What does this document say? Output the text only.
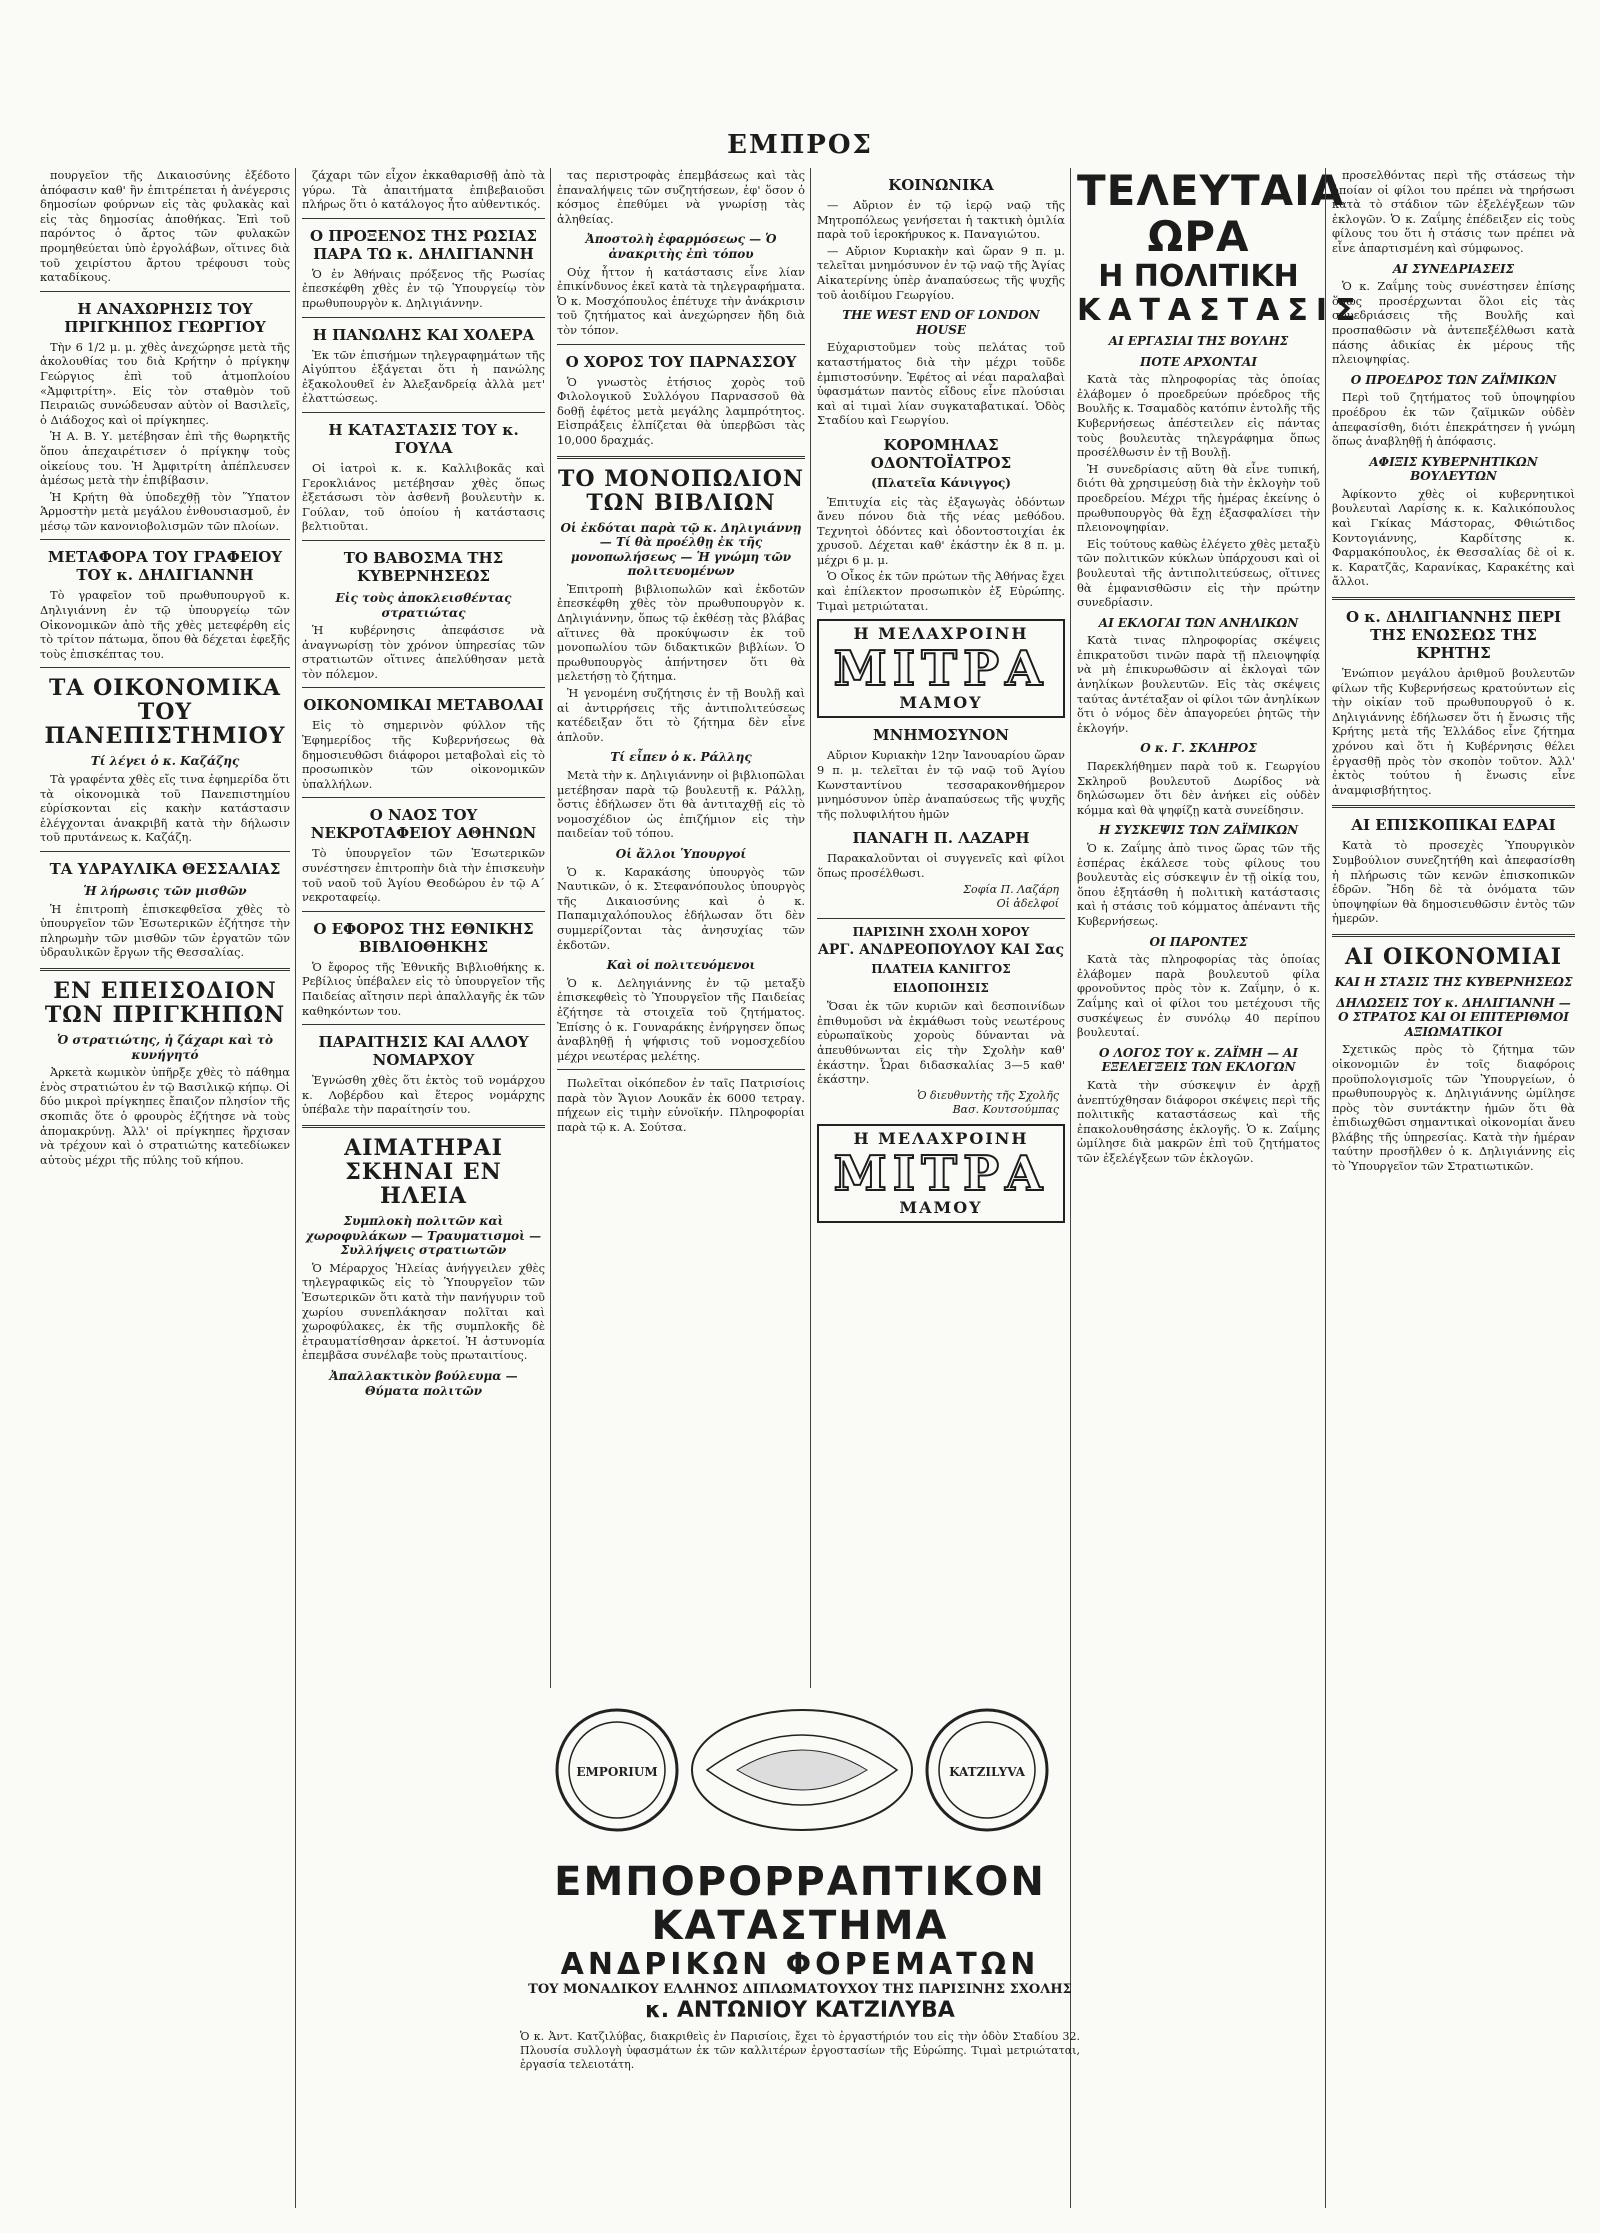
ΕΜΠΡΟΣ

πουργεῖον τῆς Δικαιοσύνης ἐξέδοτο ἀπόφασιν καθ' ἣν ἐπιτρέπεται ἡ ἀνέγερσις δημοσίων φούρνων εἰς τὰς φυλακὰς καὶ εἰς τὰς δημοσίας ἀποθήκας. Ἐπὶ τοῦ παρόντος ὁ ἄρτος τῶν φυλακῶν προμηθεύεται ὑπὸ ἐργολάβων, οἵτινες διὰ τοῦ χειρίστου ἄρτου τρέφουσι τοὺς καταδίκους.

Η ΑΝΑΧΩΡΗΣΙΣ ΤΟΥ ΠΡΙΓΚΗΠΟΣ ΓΕΩΡΓΙΟΥ

Τὴν 6 1/2 μ. μ. χθὲς ἀνεχώρησε μετὰ τῆς ἀκολουθίας του διὰ Κρήτην ὁ πρίγκηψ Γεώργιος ἐπὶ τοῦ ἀτμοπλοίου «Ἀμφιτρίτη». Εἰς τὸν σταθμὸν τοῦ Πειραιῶς συνώδευσαν αὐτὸν οἱ Βασιλεῖς, ὁ Διάδοχος καὶ οἱ πρίγκηπες.

Ἡ Α. Β. Υ. μετέβησαν ἐπὶ τῆς θωρηκτῆς ὅπου ἀπεχαιρέτισεν ὁ πρίγκηψ τοὺς οἰκείους του. Ἡ Ἀμφιτρίτη ἀπέπλευσεν ἀμέσως μετὰ τὴν ἐπιβίβασιν.

Ἡ Κρήτη θὰ ὑποδεχθῇ τὸν Ὕπατον Ἁρμοστὴν μετὰ μεγάλου ἐνθουσιασμοῦ, ἐν μέσῳ τῶν κανονιοβολισμῶν τῶν πλοίων.

ΜΕΤΑΦΟΡΑ ΤΟΥ ΓΡΑΦΕΙΟΥ ΤΟΥ κ. ΔΗΛΙΓΙΑΝΝΗ

Τὸ γραφεῖον τοῦ πρωθυπουργοῦ κ. Δηλιγιάννη ἐν τῷ ὑπουργείῳ τῶν Οἰκονομικῶν ἀπὸ τῆς χθὲς μετεφέρθη εἰς τὸ τρίτον πάτωμα, ὅπου θὰ δέχεται ἐφεξῆς τοὺς ἐπισκέπτας του.

ΤΑ ΟΙΚΟΝΟΜΙΚΑ ΤΟΥ ΠΑΝΕΠΙΣΤΗΜΙΟΥ
Τί λέγει ὁ κ. Καζάζης

Τὰ γραφέντα χθὲς εἴς τινα ἐφημερίδα ὅτι τὰ οἰκονομικὰ τοῦ Πανεπιστημίου εὑρίσκονται εἰς κακὴν κατάστασιν ἐλέγχονται ἀνακριβῆ κατὰ τὴν δήλωσιν τοῦ πρυτάνεως κ. Καζάζη.

ΤΑ ΥΔΡΑΥΛΙΚΑ ΘΕΣΣΑΛΙΑΣ
Ἡ λήρωσις τῶν μισθῶν

Ἡ ἐπιτροπὴ ἐπισκεφθεῖσα χθὲς τὸ ὑπουργεῖον τῶν Ἐσωτερικῶν ἐζήτησε τὴν πληρωμὴν τῶν μισθῶν τῶν ἐργατῶν τῶν ὑδραυλικῶν ἔργων τῆς Θεσσαλίας.

ΕΝ ΕΠΕΙΣΟΔΙΟΝ ΤΩΝ ΠΡΙΓΚΗΠΩΝ
Ὁ στρατιώτης, ἡ ζάχαρι καὶ τὸ κυνήγητό

Ἀρκετὰ κωμικὸν ὑπῆρξε χθὲς τὸ πάθημα ἑνὸς στρατιώτου ἐν τῷ Βασιλικῷ κήπῳ. Οἱ δύο μικροὶ πρίγκηπες ἔπαιζον πλησίον τῆς σκοπιᾶς ὅτε ὁ φρουρὸς ἐζήτησε νὰ τοὺς ἀπομακρύνῃ. Ἀλλ' οἱ πρίγκηπες ἤρχισαν νὰ τρέχουν καὶ ὁ στρατιώτης κατεδίωκεν αὐτοὺς μέχρι τῆς πύλης τοῦ κήπου.

ζάχαρι τῶν εἶχον ἐκκαθαρισθῇ ἀπὸ τὰ γύρω. Τὰ ἀπαιτήματα ἐπιβεβαιοῦσι πλήρως ὅτι ὁ κατάλογος ἦτο αὐθεντικός.

Ο ΠΡΟΞΕΝΟΣ ΤΗΣ ΡΩΣΙΑΣ ΠΑΡΑ ΤΩ κ. ΔΗΛΙΓΙΑΝΝΗ

Ὁ ἐν Ἀθήναις πρόξενος τῆς Ρωσίας ἐπεσκέφθη χθὲς ἐν τῷ Ὑπουργείῳ τὸν πρωθυπουργὸν κ. Δηλιγιάννην.

Η ΠΑΝΩΛΗΣ ΚΑΙ ΧΟΛΕΡΑ

Ἐκ τῶν ἐπισήμων τηλεγραφημάτων τῆς Αἰγύπτου ἐξάγεται ὅτι ἡ πανώλης ἐξακολουθεῖ ἐν Ἀλεξανδρείᾳ ἀλλὰ μετ' ἐλαττώσεως.

Η ΚΑΤΑΣΤΑΣΙΣ ΤΟΥ κ. ΓΟΥΛΑ

Οἱ ἰατροὶ κ. κ. Καλλιβοκᾶς καὶ Γεροκλιάνος μετέβησαν χθὲς ὅπως ἐξετάσωσι τὸν ἀσθενῆ βουλευτὴν κ. Γούλαν, τοῦ ὁποίου ἡ κατάστασις βελτιοῦται.

ΤΟ ΒΑΒΟΣΜΑ ΤΗΣ ΚΥΒΕΡΝΗΣΕΩΣ
Εἰς τοὺς ἀποκλεισθέντας στρατιώτας

Ἡ κυβέρνησις ἀπεφάσισε νὰ ἀναγνωρίσῃ τὸν χρόνον ὑπηρεσίας τῶν στρατιωτῶν οἵτινες ἀπελύθησαν μετὰ τὸν πόλεμον.

ΟΙΚΟΝΟΜΙΚΑΙ ΜΕΤΑΒΟΛΑΙ

Εἰς τὸ σημερινὸν φύλλον τῆς Ἐφημερίδος τῆς Κυβερνήσεως θὰ δημοσιευθῶσι διάφοροι μεταβολαὶ εἰς τὸ προσωπικὸν τῶν οἰκονομικῶν ὑπαλλήλων.

Ο ΝΑΟΣ ΤΟΥ ΝΕΚΡΟΤΑΦΕΙΟΥ ΑΘΗΝΩΝ

Τὸ ὑπουργεῖον τῶν Ἐσωτερικῶν συνέστησεν ἐπιτροπὴν διὰ τὴν ἐπισκευὴν τοῦ ναοῦ τοῦ Ἁγίου Θεοδώρου ἐν τῷ Α΄ νεκροταφείῳ.

Ο ΕΦΟΡΟΣ ΤΗΣ ΕΘΝΙΚΗΣ ΒΙΒΛΙΟΘΗΚΗΣ

Ὁ ἔφορος τῆς Ἐθνικῆς Βιβλιοθήκης κ. Ρεβίλιος ὑπέβαλεν εἰς τὸ ὑπουργεῖον τῆς Παιδείας αἴτησιν περὶ ἀπαλλαγῆς ἐκ τῶν καθηκόντων του.

ΠΑΡΑΙΤΗΣΙΣ ΚΑΙ ΑΛΛΟΥ ΝΟΜΑΡΧΟΥ

Ἐγνώσθη χθὲς ὅτι ἐκτὸς τοῦ νομάρχου κ. Λοβέρδου καὶ ἕτερος νομάρχης ὑπέβαλε τὴν παραίτησίν του.

ΑΙΜΑΤΗΡΑΙ ΣΚΗΝΑΙ ΕΝ ΗΛΕΙΑ
Συμπλοκὴ πολιτῶν καὶ χωροφυλάκων — Τραυματισμοὶ — Συλλήψεις στρατιωτῶν

Ὁ Μέραρχος Ἠλείας ἀνήγγειλεν χθὲς τηλεγραφικῶς εἰς τὸ Ὑπουργεῖον τῶν Ἐσωτερικῶν ὅτι κατὰ τὴν πανήγυριν τοῦ χωρίου συνεπλάκησαν πολῖται καὶ χωροφύλακες, ἐκ τῆς συμπλοκῆς δὲ ἐτραυματίσθησαν ἀρκετοί. Ἡ ἀστυνομία ἐπεμβᾶσα συνέλαβε τοὺς πρωταιτίους.

Ἀπαλλακτικὸν βούλευμα — Θύματα πολιτῶν

τας περιστροφὰς ἐπεμβάσεως καὶ τὰς ἐπαναλήψεις τῶν συζητήσεων, ἐφ' ὅσον ὁ κόσμος ἐπεθύμει νὰ γνωρίσῃ τὰς ἀληθείας.

Ἀποστολὴ ἐφαρμόσεως — Ὁ ἀνακριτὴς ἐπὶ τόπου

Οὐχ ἧττον ἡ κατάστασις εἶνε λίαν ἐπικίνδυνος ἐκεῖ κατὰ τὰ τηλεγραφήματα. Ὁ κ. Μοσχόπουλος ἐπέτυχε τὴν ἀνάκρισιν τοῦ ζητήματος καὶ ἀνεχώρησεν ἤδη διὰ τὸν τόπον.

Ο ΧΟΡΟΣ ΤΟΥ ΠΑΡΝΑΣΣΟΥ

Ὁ γνωστὸς ἐτήσιος χορὸς τοῦ Φιλολογικοῦ Συλλόγου Παρνασσοῦ θὰ δοθῇ ἐφέτος μετὰ μεγάλης λαμπρότητος. Εἰσπράξεις ἐλπίζεται θὰ ὑπερβῶσι τὰς 10,000 δραχμάς.

ΤΟ ΜΟΝΟΠΩΛΙΟΝ ΤΩΝ ΒΙΒΛΙΩΝ
Οἱ ἐκδόται παρὰ τῷ κ. Δηλιγιάννῃ — Τί θὰ προέλθῃ ἐκ τῆς μονοπωλήσεως — Ἡ γνώμη τῶν πολιτευομένων

Ἐπιτροπὴ βιβλιοπωλῶν καὶ ἐκδοτῶν ἐπεσκέφθη χθὲς τὸν πρωθυπουργὸν κ. Δηλιγιάννην, ὅπως τῷ ἐκθέσῃ τὰς βλάβας αἵτινες θὰ προκύψωσιν ἐκ τοῦ μονοπωλίου τῶν διδακτικῶν βιβλίων. Ὁ πρωθυπουργὸς ἀπήντησεν ὅτι θὰ μελετήσῃ τὸ ζήτημα.

Ἡ γενομένη συζήτησις ἐν τῇ Βουλῇ καὶ αἱ ἀντιρρήσεις τῆς ἀντιπολιτεύσεως κατέδειξαν ὅτι τὸ ζήτημα δὲν εἶνε ἁπλοῦν.

Τί εἶπεν ὁ κ. Ράλλης

Μετὰ τὴν κ. Δηλιγιάννην οἱ βιβλιοπῶλαι μετέβησαν παρὰ τῷ βουλευτῇ κ. Ράλλῃ, ὅστις ἐδήλωσεν ὅτι θὰ ἀντιταχθῇ εἰς τὸ νομοσχέδιον ὡς ἐπιζήμιον εἰς τὴν παιδείαν τοῦ τόπου.

Οἱ ἄλλοι Ὑπουργοί

Ὁ κ. Καρακάσης ὑπουργὸς τῶν Ναυτικῶν, ὁ κ. Στεφανόπουλος ὑπουργὸς τῆς Δικαιοσύνης καὶ ὁ κ. Παπαμιχαλόπουλος ἐδήλωσαν ὅτι δὲν συμμερίζονται τὰς ἀνησυχίας τῶν ἐκδοτῶν.

Καὶ οἱ πολιτευόμενοι

Ὁ κ. Δεληγιάννης ἐν τῷ μεταξὺ ἐπισκεφθεὶς τὸ Ὑπουργεῖον τῆς Παιδείας ἐζήτησε τὰ στοιχεῖα τοῦ ζητήματος. Ἐπίσης ὁ κ. Γουναράκης ἐνήργησεν ὅπως ἀναβληθῇ ἡ ψήφισις τοῦ νομοσχεδίου μέχρι νεωτέρας μελέτης.

Πωλεῖται οἰκόπεδον ἐν ταῖς Πατρισίοις παρὰ τὸν Ἅγιον Λουκᾶν ἐκ 6000 τετραγ. πήχεων εἰς τιμὴν εὐνοϊκήν. Πληροφορίαι παρὰ τῷ κ. Α. Σούτσα.

ΚΟΙΝΩΝΙΚΑ

— Αὔριον ἐν τῷ ἱερῷ ναῷ τῆς Μητροπόλεως γενήσεται ἡ τακτικὴ ὁμιλία παρὰ τοῦ ἱεροκήρυκος κ. Παναγιώτου.

— Αὔριον Κυριακὴν καὶ ὥραν 9 π. μ. τελεῖται μνημόσυνον ἐν τῷ ναῷ τῆς Ἁγίας Αἰκατερίνης ὑπὲρ ἀναπαύσεως τῆς ψυχῆς τοῦ ἀοιδίμου Γεωργίου.

THE WEST END OF LONDON HOUSE

Εὐχαριστοῦμεν τοὺς πελάτας τοῦ καταστήματος διὰ τὴν μέχρι τοῦδε ἐμπιστοσύνην. Ἐφέτος αἱ νέαι παραλαβαὶ ὑφασμάτων παντὸς εἴδους εἶνε πλούσιαι καὶ αἱ τιμαὶ λίαν συγκαταβατικαί. Ὁδὸς Σταδίου καὶ Γεωργίου.

ΚΟΡΟΜΗΛΑΣ ΟΔΟΝΤΟΪΑΤΡΟΣ
(Πλατεῖα Κάνιγγος)

Ἐπιτυχία εἰς τὰς ἐξαγωγὰς ὀδόντων ἄνευ πόνου διὰ τῆς νέας μεθόδου. Τεχνητοὶ ὀδόντες καὶ ὀδοντοστοιχίαι ἐκ χρυσοῦ. Δέχεται καθ' ἑκάστην ἐκ 8 π. μ. μέχρι 6 μ. μ.

Ὁ Οἶκος ἐκ τῶν πρώτων τῆς Ἀθήνας ἔχει καὶ ἐπίλεκτον προσωπικὸν ἐξ Εὐρώπης. Τιμαὶ μετριώταται.

Η ΜΕΛΑΧΡΟΙΝΗ
ΜΙΤΡΑ
ΜΑΜΟΥ
ΜΝΗΜΟΣΥΝΟΝ

Αὔριον Κυριακὴν 12ην Ἰανουαρίου ὥραν 9 π. μ. τελεῖται ἐν τῷ ναῷ τοῦ Ἁγίου Κωνσταντίνου τεσσαρακονθήμερον μνημόσυνον ὑπὲρ ἀναπαύσεως τῆς ψυχῆς τῆς πολυφιλήτου ἡμῶν

ΠΑΝΑΓΗ Π. ΛΑΖΑΡΗ

Παρακαλοῦνται οἱ συγγενεῖς καὶ φίλοι ὅπως προσέλθωσι.

Σοφία Π. Λαζάρη
Οἱ ἀδελφοί
ΠΑΡΙΣΙΝΗ ΣΧΟΛΗ ΧΟΡΟΥ
ΑΡΓ. ΑΝΔΡΕΟΠΟΥΛΟΥ ΚΑΙ Σας
ΠΛΑΤΕΙΑ ΚΑΝΙΓΓΟΣ
ΕΙΔΟΠΟΙΗΣΙΣ

Ὅσαι ἐκ τῶν κυριῶν καὶ δεσποινίδων ἐπιθυμοῦσι νὰ ἐκμάθωσι τοὺς νεωτέρους εὐρωπαϊκοὺς χοροὺς δύνανται νὰ ἀπευθύνωνται εἰς τὴν Σχολὴν καθ' ἑκάστην. Ὧραι διδασκαλίας 3—5 καθ' ἑκάστην.

Ὁ διευθυντὴς τῆς Σχολῆς
Βασ. Κουτσούμπας
Η ΜΕΛΑΧΡΟΙΝΗ
ΜΙΤΡΑ
ΜΑΜΟΥ
ΤΕΛΕΥΤΑΙΑ ΩΡΑ
Η ΠΟΛΙΤΙΚΗ
ΚΑΤΑΣΤΑΣΙΣ
ΑΙ ΕΡΓΑΣΙΑΙ ΤΗΣ ΒΟΥΛΗΣ
ΠΟΤΕ ΑΡΧΟΝΤΑΙ

Κατὰ τὰς πληροφορίας τὰς ὁποίας ἐλάβομεν ὁ προεδρεύων πρόεδρος τῆς Βουλῆς κ. Τσαμαδὸς κατόπιν ἐντολῆς τῆς Κυβερνήσεως ἀπέστειλεν εἰς πάντας τοὺς βουλευτὰς τηλεγράφημα ὅπως προσέλθωσιν ἐν τῇ Βουλῇ.

Ἡ συνεδρίασις αὕτη θὰ εἶνε τυπική, διότι θὰ χρησιμεύσῃ διὰ τὴν ἐκλογὴν τοῦ προεδρείου. Μέχρι τῆς ἡμέρας ἐκείνης ὁ πρωθυπουργὸς θὰ ἔχῃ ἐξασφαλίσει τὴν πλειονοψηφίαν.

Εἰς τούτους καθὼς ἐλέγετο χθὲς μεταξὺ τῶν πολιτικῶν κύκλων ὑπάρχουσι καὶ οἱ βουλευταὶ τῆς ἀντιπολιτεύσεως, οἵτινες θὰ ἐμφανισθῶσιν εἰς τὴν πρώτην συνεδρίασιν.

ΑΙ ΕΚΛΟΓΑΙ ΤΩΝ ΑΝΗΛΙΚΩΝ

Κατὰ τινας πληροφορίας σκέψεις ἐπικρατοῦσι τινῶν παρὰ τῇ πλειοψηφίᾳ νὰ μὴ ἐπικυρωθῶσιν αἱ ἐκλογαὶ τῶν ἀνηλίκων βουλευτῶν. Εἰς τὰς σκέψεις ταύτας ἀντέταξαν οἱ φίλοι τῶν ἀνηλίκων ὅτι ὁ νόμος δὲν ἀπαγορεύει ῥητῶς τὴν ἐκλογήν.

Ο κ. Γ. ΣΚΛΗΡΟΣ

Παρεκλήθημεν παρὰ τοῦ κ. Γεωργίου Σκληροῦ βουλευτοῦ Δωρίδος νὰ δηλώσωμεν ὅτι δὲν ἀνήκει εἰς οὐδὲν κόμμα καὶ θὰ ψηφίζῃ κατὰ συνείδησιν.

Η ΣΥΣΚΕΨΙΣ ΤΩΝ ΖΑΪΜΙΚΩΝ

Ὁ κ. Ζαΐμης ἀπὸ τινος ὥρας τῶν τῆς ἑσπέρας ἐκάλεσε τοὺς φίλους του βουλευτὰς εἰς σύσκεψιν ἐν τῇ οἰκίᾳ του, ὅπου ἐξητάσθη ἡ πολιτικὴ κατάστασις καὶ ἡ στάσις τοῦ κόμματος ἀπέναντι τῆς Κυβερνήσεως.

ΟΙ ΠΑΡΟΝΤΕΣ

Κατὰ τὰς πληροφορίας τὰς ὁποίας ἐλάβομεν παρὰ βουλευτοῦ φίλα φρονοῦντος πρὸς τὸν κ. Ζαΐμην, ὁ κ. Ζαΐμης καὶ οἱ φίλοι του μετέχουσι τῆς συσκέψεως ἐν συνόλῳ 40 περίπου βουλευταί.

Ο ΛΟΓΟΣ ΤΟΥ κ. ΖΑΪΜΗ — ΑΙ ΕΞΕΛΕΓΞΕΙΣ ΤΩΝ ΕΚΛΟΓΩΝ

Κατὰ τὴν σύσκεψιν ἐν ἀρχῇ ἀνεπτύχθησαν διάφοροι σκέψεις περὶ τῆς πολιτικῆς καταστάσεως καὶ τῆς ἐπακολουθησάσης ἐκλογῆς. Ὁ κ. Ζαΐμης ὡμίλησε διὰ μακρῶν ἐπὶ τοῦ ζητήματος τῶν ἐξελέγξεων τῶν ἐκλογῶν.

προσελθόντας περὶ τῆς στάσεως τὴν ὁποίαν οἱ φίλοι του πρέπει νὰ τηρήσωσι κατὰ τὸ στάδιον τῶν ἐξελέγξεων τῶν ἐκλογῶν. Ὁ κ. Ζαΐμης ἐπέδειξεν εἰς τοὺς φίλους του ὅτι ἡ στάσις των πρέπει νὰ εἶνε ἀπαρτισμένη καὶ σύμφωνος.

ΑΙ ΣΥΝΕΔΡΙΑΣΕΙΣ

Ὁ κ. Ζαΐμης τοὺς συνέστησεν ἐπίσης ὅπως προσέρχωνται ὅλοι εἰς τὰς συνεδριάσεις τῆς Βουλῆς καὶ προσπαθῶσιν νὰ ἀντεπεξέλθωσι κατὰ πάσης ἀδικίας ἐκ μέρους τῆς πλειοψηφίας.

Ο ΠΡΟΕΔΡΟΣ ΤΩΝ ΖΑΪΜΙΚΩΝ

Περὶ τοῦ ζητήματος τοῦ ὑποψηφίου προέδρου ἐκ τῶν ζαϊμικῶν οὐδὲν ἀπεφασίσθη, διότι ἐπεκράτησεν ἡ γνώμη ὅπως ἀναβληθῇ ἡ ἀπόφασις.

ΑΦΙΞΙΣ ΚΥΒΕΡΝΗΤΙΚΩΝ ΒΟΥΛΕΥΤΩΝ

Ἀφίκοντο χθὲς οἱ κυβερνητικοὶ βουλευταὶ Λαρίσης κ. κ. Καλικόπουλος καὶ Γκίκας Μάστορας, Φθιώτιδος Κοντογιάννης, Καρδίτσης κ. Φαρμακόπουλος, ἐκ Θεσσαλίας δὲ οἱ κ. κ. Καρατζᾶς, Καρανίκας, Καρακέτης καὶ ἄλλοι.

Ο κ. ΔΗΛΙΓΙΑΝΝΗΣ ΠΕΡΙ ΤΗΣ ΕΝΩΣΕΩΣ ΤΗΣ ΚΡΗΤΗΣ

Ἐνώπιον μεγάλου ἀριθμοῦ βουλευτῶν φίλων τῆς Κυβερνήσεως κρατούντων εἰς τὴν οἰκίαν τοῦ πρωθυπουργοῦ ὁ κ. Δηλιγιάννης ἐδήλωσεν ὅτι ἡ ἔνωσις τῆς Κρήτης μετὰ τῆς Ἑλλάδος εἶνε ζήτημα χρόνου καὶ ὅτι ἡ Κυβέρνησις θέλει ἐργασθῇ πρὸς τὸν σκοπὸν τοῦτον. Ἀλλ' ἐκτὸς τούτου ἡ ἔνωσις εἶνε ἀναμφισβήτητος.

ΑΙ ΕΠΙΣΚΟΠΙΚΑΙ ΕΔΡΑΙ

Κατὰ τὸ προσεχὲς Ὑπουργικὸν Συμβούλιον συνεζητήθη καὶ ἀπεφασίσθη ἡ πλήρωσις τῶν κενῶν ἐπισκοπικῶν ἑδρῶν. Ἤδη δὲ τὰ ὀνόματα τῶν ὑποψηφίων θὰ δημοσιευθῶσιν ἐντὸς τῶν ἡμερῶν.

ΑΙ ΟΙΚΟΝΟΜΙΑΙ
ΚΑΙ Η ΣΤΑΣΙΣ ΤΗΣ ΚΥΒΕΡΝΗΣΕΩΣ
ΔΗΛΩΣΕΙΣ ΤΟΥ κ. ΔΗΛΙΓΙΑΝΝΗ — Ο ΣΤΡΑΤΟΣ ΚΑΙ ΟΙ ΕΠΙΤΕΡΙΘΜΟΙ ΑΞΙΩΜΑΤΙΚΟΙ

Σχετικῶς πρὸς τὸ ζήτημα τῶν οἰκονομιῶν ἐν τοῖς διαφόροις προϋπολογισμοῖς τῶν Ὑπουργείων, ὁ πρωθυπουργὸς κ. Δηλιγιάννης ὡμίλησε πρὸς τὸν συντάκτην ἡμῶν ὅτι θὰ ἐπιδιωχθῶσι σημαντικαὶ οἰκονομίαι ἄνευ βλάβης τῆς ὑπηρεσίας. Κατὰ τὴν ἡμέραν ταύτην προσῆλθεν ὁ κ. Δηλιγιάννης εἰς τὸ Ὑπουργεῖον τῶν Στρατιωτικῶν.

EMPORIUM	KATZILYVA
ΕΜΠΟΡΟΡΡΑΠΤΙΚΟΝ ΚΑΤΑΣΤΗΜΑ
ΑΝΔΡΙΚΩΝ ΦΟΡΕΜΑΤΩΝ
ΤΟΥ ΜΟΝΑΔΙΚΟΥ ΕΛΛΗΝΟΣ ΔΙΠΛΩΜΑΤΟΥΧΟΥ ΤΗΣ ΠΑΡΙΣΙΝΗΣ ΣΧΟΛΗΣ
κ. ΑΝΤΩΝΙΟΥ ΚΑΤΖΙΛΥΒΑ

Ὁ κ. Ἀντ. Κατζιλύβας, διακριθεὶς ἐν Παρισίοις, ἔχει τὸ ἐργαστήριόν του εἰς τὴν ὁδὸν Σταδίου 32. Πλουσία συλλογὴ ὑφασμάτων ἐκ τῶν καλλιτέρων ἐργοστασίων τῆς Εὐρώπης. Τιμαὶ μετριώταται, ἐργασία τελειοτάτη.
